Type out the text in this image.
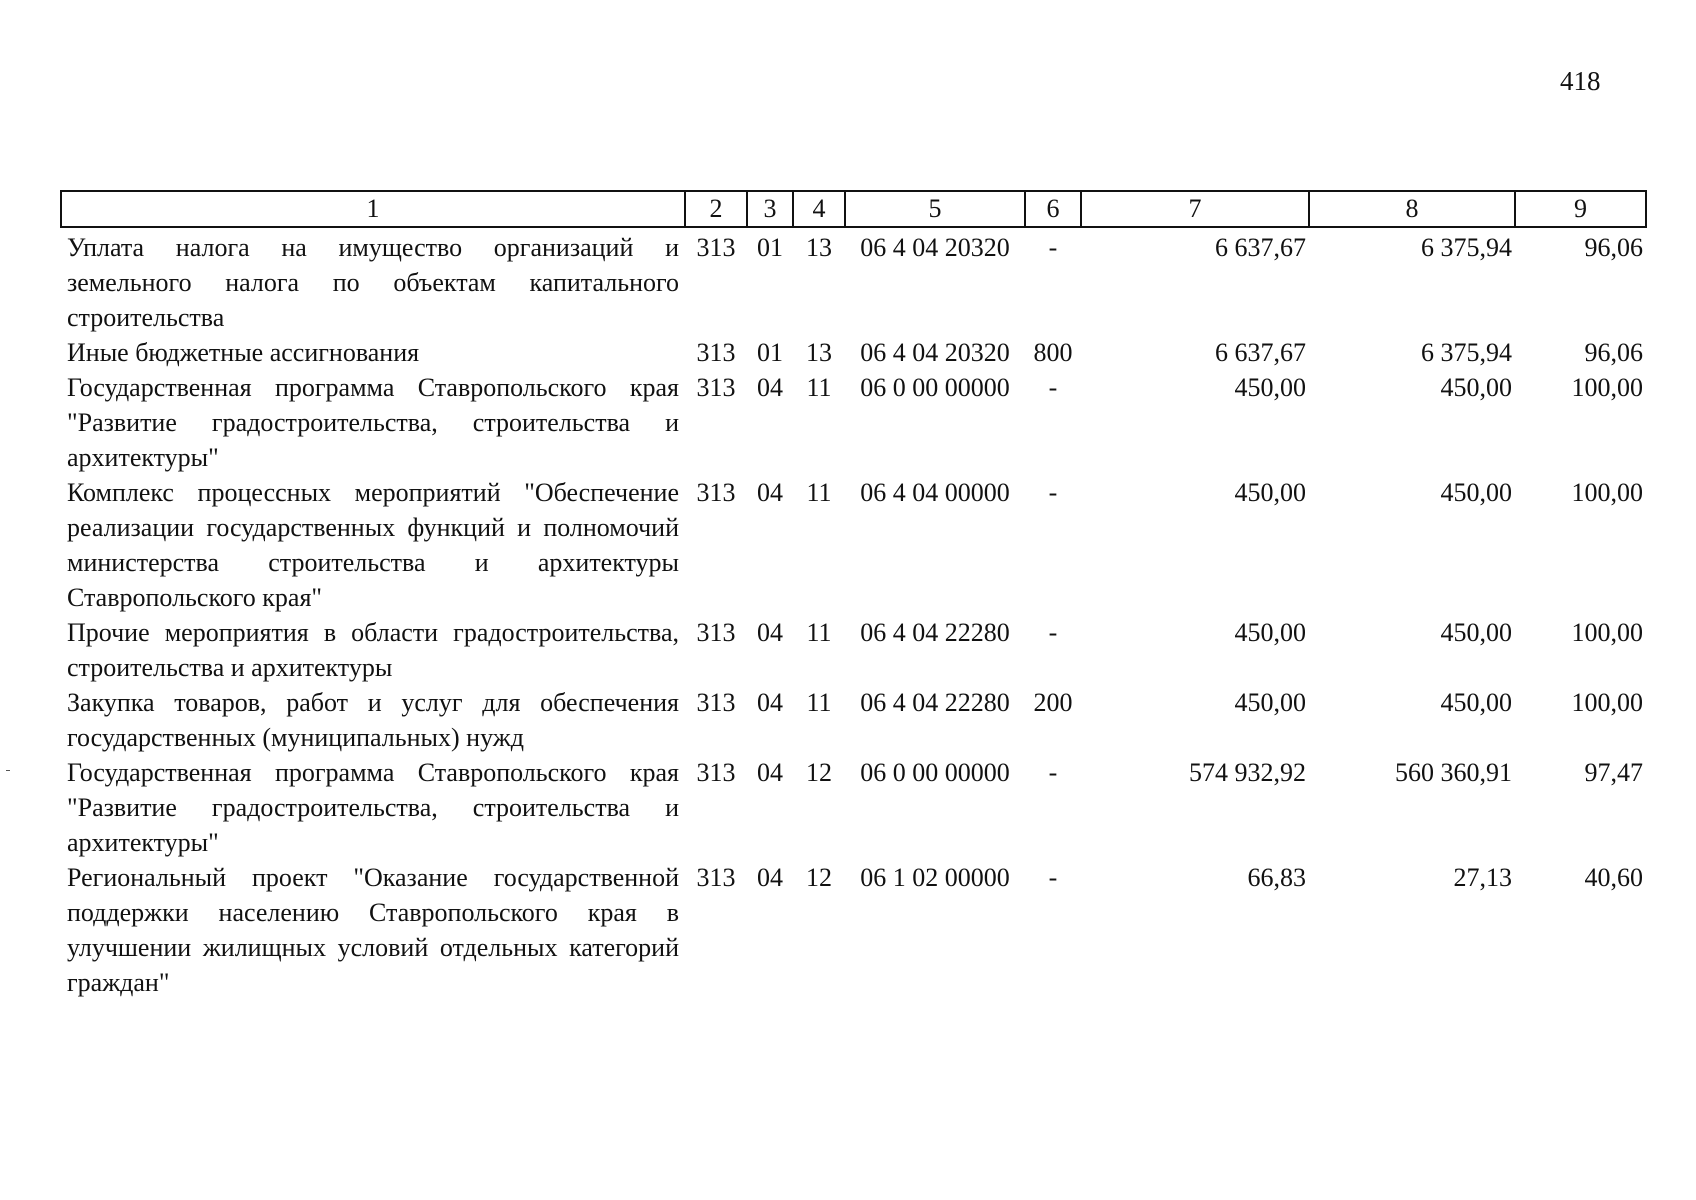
418
1	2	3	4	5	6	7	8	9
Уплата налога на имущество организаций и земельного налога по объектам капитального строительства	313	01	13	06 4 04 20320	-	6 637,67	6 375,94	96,06
Иные бюджетные ассигнования	313	01	13	06 4 04 20320	800	6 637,67	6 375,94	96,06
Государственная программа Ставропольского края "Развитие градостроительства, строительства и архитектуры"	313	04	11	06 0 00 00000	-	450,00	450,00	100,00
Комплекс процессных мероприятий "Обеспечение реализации государственных функций и полномочий министерства строительства и архитектуры Ставропольского края"	313	04	11	06 4 04 00000	-	450,00	450,00	100,00
Прочие мероприятия в области градостроительства, строительства и архитектуры	313	04	11	06 4 04 22280	-	450,00	450,00	100,00
Закупка товаров, работ и услуг для обеспечения государственных (муниципальных) нужд	313	04	11	06 4 04 22280	200	450,00	450,00	100,00
Государственная программа Ставропольского края "Развитие градостроительства, строительства и архитектуры"	313	04	12	06 0 00 00000	-	574 932,92	560 360,91	97,47
Региональный проект "Оказание государственной поддержки населению Ставропольского края в улучшении жилищных условий отдельных категорий граждан"	313	04	12	06 1 02 00000	-	66,83	27,13	40,60
